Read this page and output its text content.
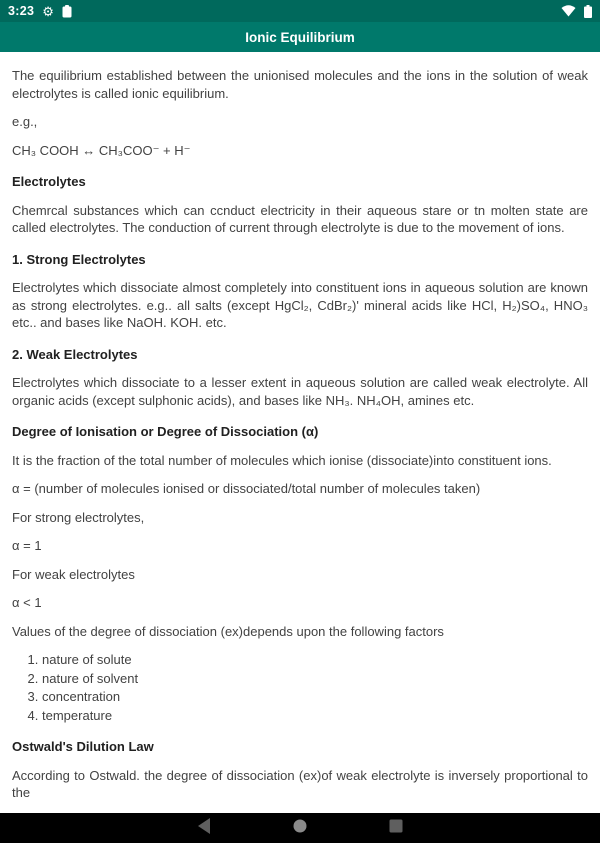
3:23 ⚙
Ionic Equilibrium

The equilibrium established between the unionised molecules and the ions in the solution of weak electrolytes is called ionic equilibrium.

e.g.,

CH₃ COOH ↔ CH₃COO⁻ + H⁻

Electrolytes

Chemrcal substances which can ccnduct electricity in their aqueous stare or tn molten state are called electrolytes. The conduction of current through electrolyte is due to the movement of ions.

1. Strong Electrolytes

Electrolytes which dissociate almost completely into constituent ions in aqueous solution are known as strong electrolytes. e.g.. all salts (except HgCl₂, CdBr₂)' mineral acids like HCl, H₂)SO₄, HNO₃ etc.. and bases like NaOH. KOH. etc.

2. Weak Electrolytes

Electrolytes which dissociate to a lesser extent in aqueous solution are called weak electrolyte. All organic acids (except sulphonic acids), and bases like NH₃. NH₄OH, amines etc.

Degree of Ionisation or Degree of Dissociation (α)

It is the fraction of the total number of molecules which ionise (dissociate)into constituent ions.

α = (number of molecules ionised or dissociated/total number of molecules taken)

For strong electrolytes,

α = 1

For weak electrolytes

α < 1

Values of the degree of dissociation (ex)depends upon the following factors

1. nature of solute
2. nature of solvent
3. concentration
4. temperature
Ostwald's Dilution Law

According to Ostwald. the degree of dissociation (ex)of weak electrolyte is inversely proportional to the
